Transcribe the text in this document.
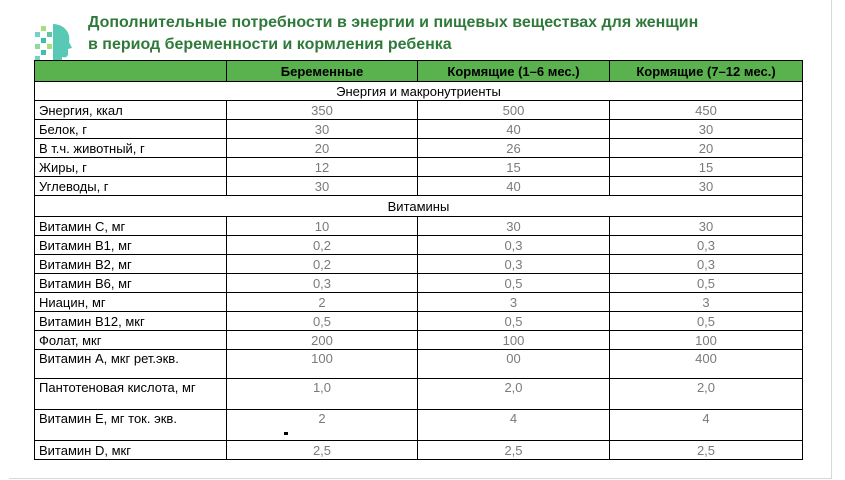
Дополнительные потребности в энергии и пищевых веществах для женщин
в период беременности и кормления ребенка
	Беременные	Кормящие (1–6 мес.)	Кормящие (7–12 мес.)
Энергия и макронутриенты			
Энергия, ккал	350	500	450
Белок, г	30	40	30
В т.ч. животный, г	20	26	20
Жиры, г	12	15	15
Углеводы, г	30	40	30
Витамины			
Витамин С, мг	10	30	30
Витамин В1, мг	0,2	0,3	0,3
Витамин В2, мг	0,2	0,3	0,3
Витамин В6, мг	0,3	0,5	0,5
Ниацин, мг	2	3	3
Витамин В12, мкг	0,5	0,5	0,5
Фолат, мкг	200	100	100
Витамин А, мкг рет.экв.	100	00	400
Пантотеновая кислота, мг	1,0	2,0	2,0
Витамин Е, мг ток. экв.	2	4	4
Витамин D, мкг	2,5	2,5	2,5
